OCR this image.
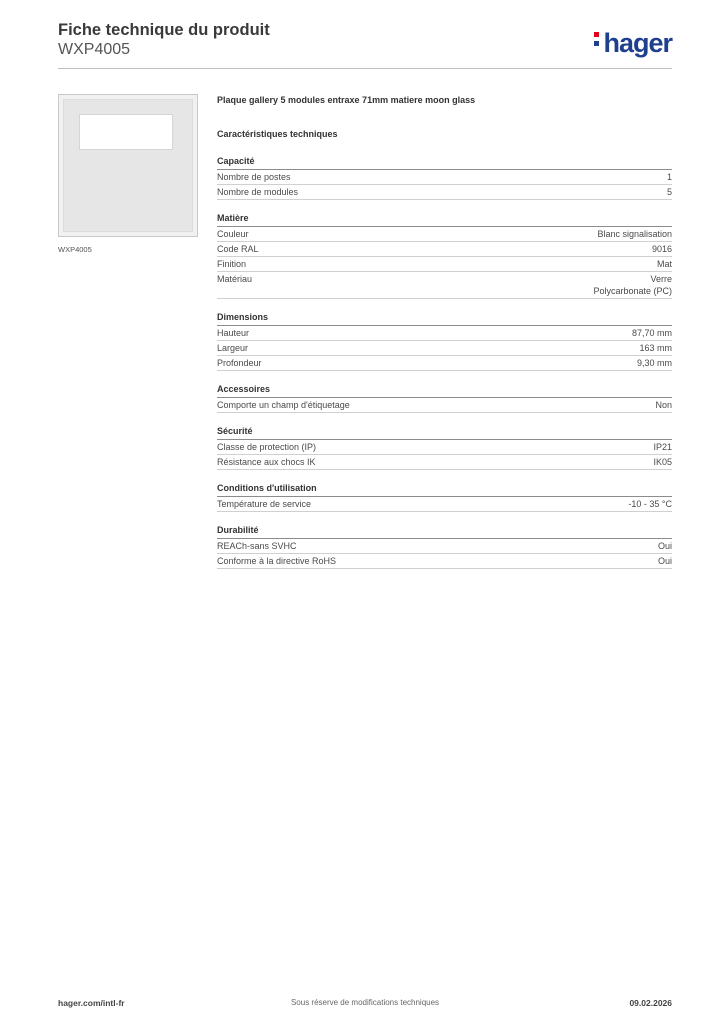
Fiche technique du produit
WXP4005	hager
WXP4005
Plaque gallery 5 modules entraxe 71mm matiere moon glass
Caractéristiques techniques
Capacité
Nombre de postes	1
Nombre de modules	5
Matière
Couleur	Blanc signalisation
Code RAL	9016
Finition	Mat
Matériau	Verre
Polycarbonate (PC)
Dimensions
Hauteur	87,70 mm
Largeur	163 mm
Profondeur	9,30 mm
Accessoires
Comporte un champ d'étiquetage	Non
Sécurité
Classe de protection (IP)	IP21
Résistance aux chocs IK	IK05
Conditions d'utilisation
Température de service	-10 - 35 °C
Durabilité
REACh-sans SVHC	Oui
Conforme à la directive RoHS	Oui
hager.com/intl-fr	Sous réserve de modifications techniques	09.02.2026
